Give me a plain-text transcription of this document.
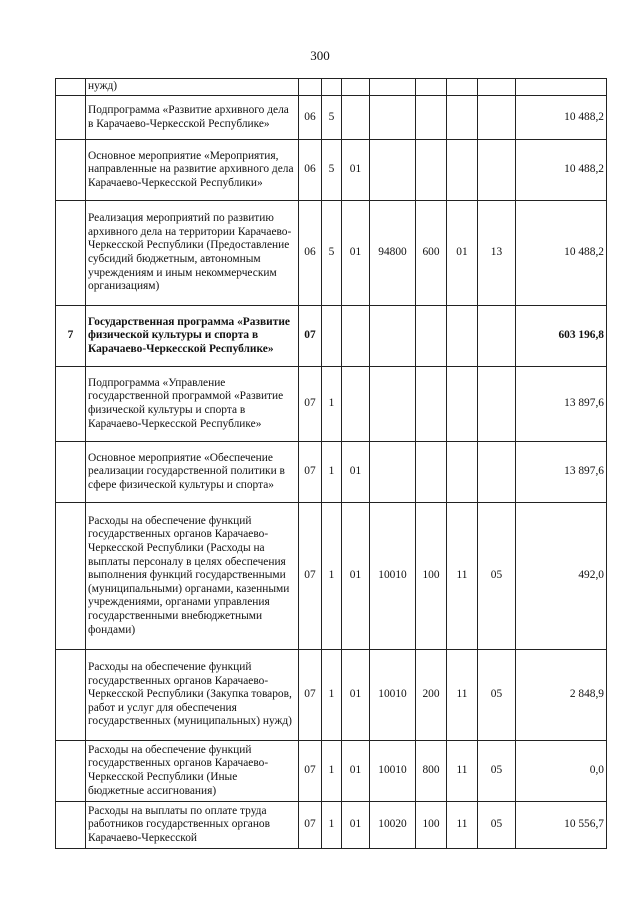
300
	нужд)								
	Подпрограмма «Развитие архивного дела в Карачаево-Черкесской Республике»	06	5						10 488,2
	Основное мероприятие «Мероприятия, направленные на развитие архивного дела Карачаево-Черкесской Республики»	06	5	01					10 488,2
	Реализация мероприятий по развитию архивного дела на территории Карачаево-Черкесской Республики (Предоставление субсидий бюджетным, автономным учреждениям и иным некоммерческим организациям)	06	5	01	94800	600	01	13	10 488,2
7	Государственная программа «Развитие физической культуры и спорта в Карачаево-Черкесской Республике»	07							603 196,8
	Подпрограмма «Управление государственной программой «Развитие физической культуры и спорта в Карачаево-Черкесской Республике»	07	1						13 897,6
	Основное мероприятие «Обеспечение реализации государственной политики в сфере физической культуры и спорта»	07	1	01					13 897,6
	Расходы на обеспечение функций государственных органов Карачаево-Черкесской Республики (Расходы на выплаты персоналу в целях обеспечения выполнения функций государственными (муниципальными) органами, казенными учреждениями, органами управления государственными внебюджетными фондами)	07	1	01	10010	100	11	05	492,0
	Расходы на обеспечение функций государственных органов Карачаево-Черкесской Республики (Закупка товаров, работ и услуг для обеспечения государственных (муниципальных) нужд)	07	1	01	10010	200	11	05	2 848,9
	Расходы на обеспечение функций государственных органов Карачаево-Черкесской Республики (Иные бюджетные ассигнования)	07	1	01	10010	800	11	05	0,0
	Расходы на выплаты по оплате труда работников государственных органов Карачаево-Черкесской	07	1	01	10020	100	11	05	10 556,7
